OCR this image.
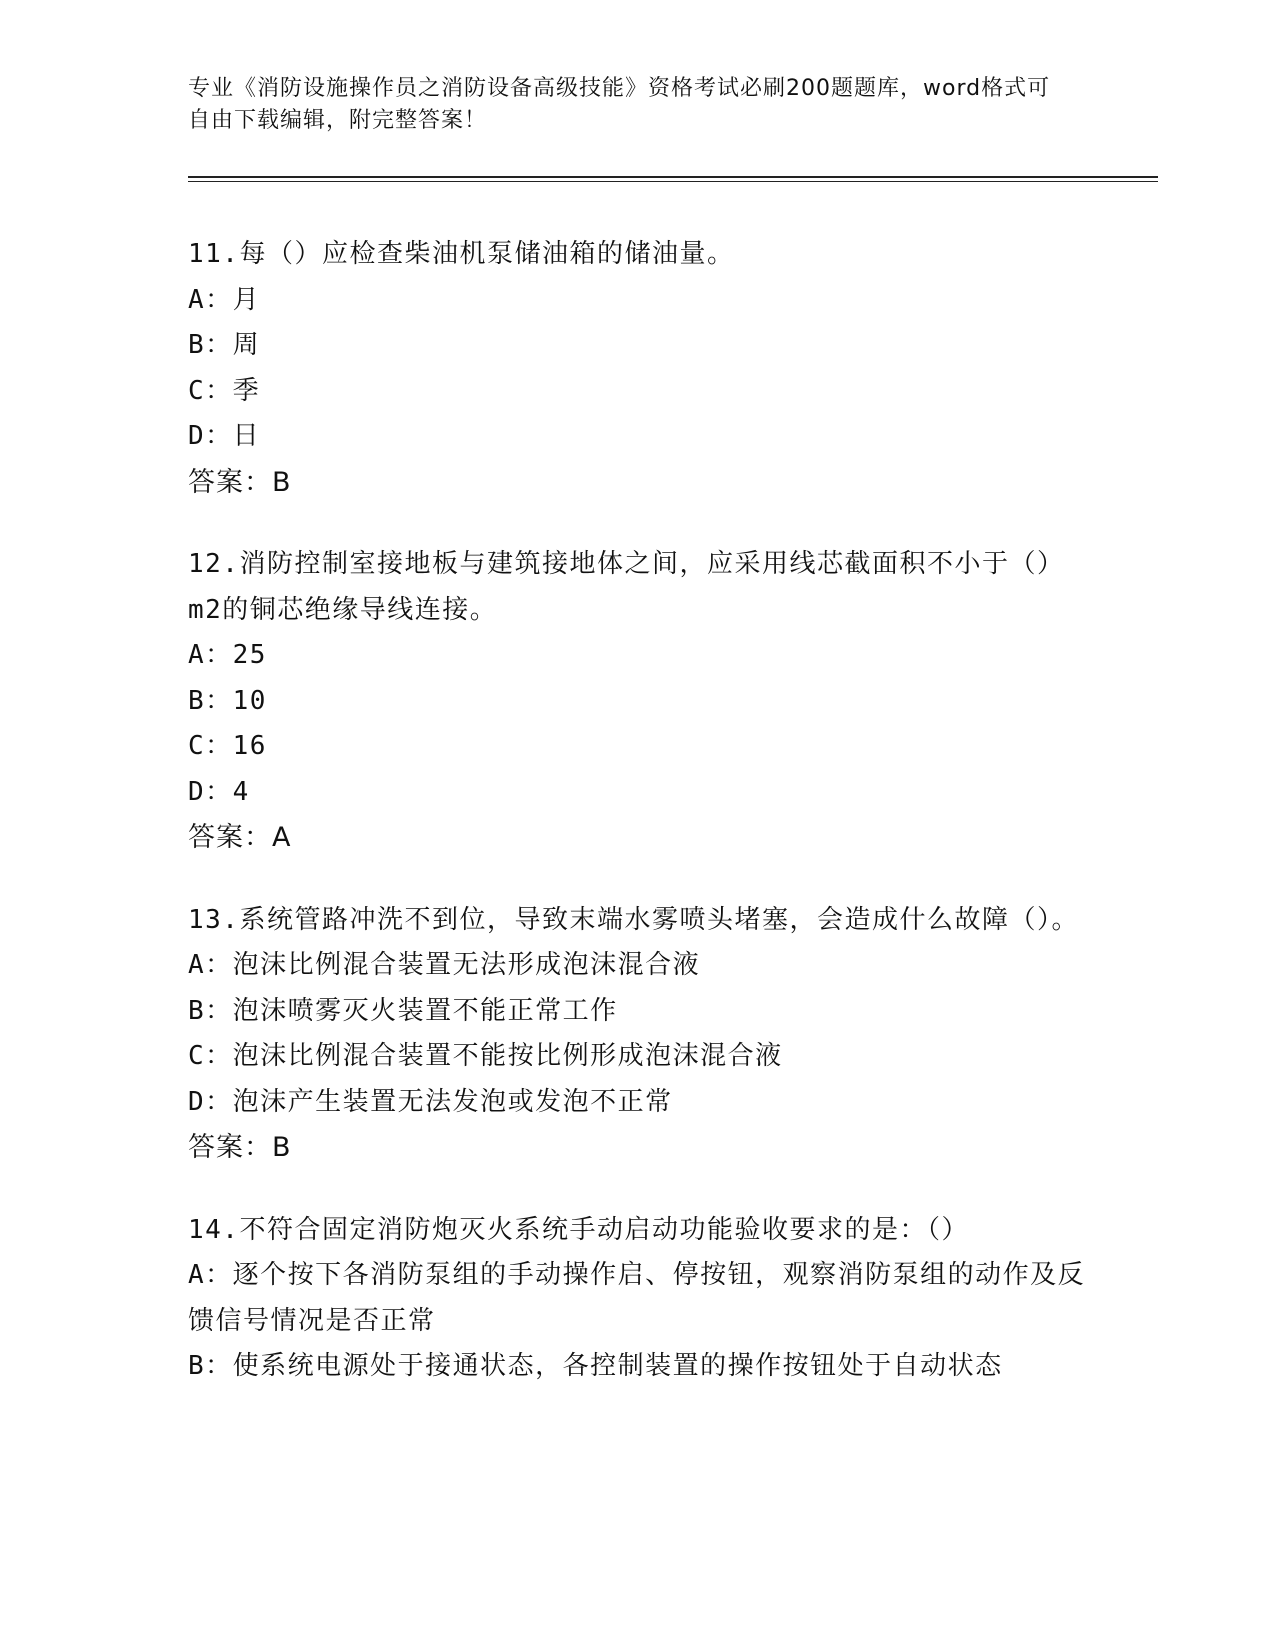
专业《消防设施操作员之消防设备高级技能》资格考试必刷200题题库，word格式可自由下载编辑，附完整答案！
11.每（）应检查柴油机泵储油箱的储油量。
A：月
B：周
C：季
D：日
答案：B
12.消防控制室接地板与建筑接地体之间，应采用线芯截面积不小于（）m2的铜芯绝缘导线连接。
A：25
B：10
C：16
D：4
答案：A
13.系统管路冲洗不到位，导致末端水雾喷头堵塞，会造成什么故障（）。
A：泡沫比例混合装置无法形成泡沫混合液
B：泡沫喷雾灭火装置不能正常工作
C：泡沫比例混合装置不能按比例形成泡沫混合液
D：泡沫产生装置无法发泡或发泡不正常
答案：B
14.不符合固定消防炮灭火系统手动启动功能验收要求的是：（）
A：逐个按下各消防泵组的手动操作启、停按钮，观察消防泵组的动作及反馈信号情况是否正常
B：使系统电源处于接通状态，各控制装置的操作按钮处于自动状态
